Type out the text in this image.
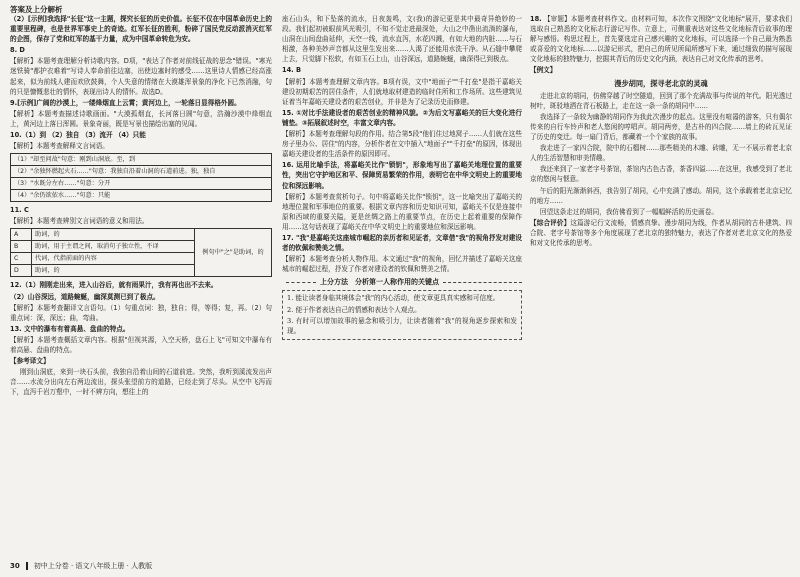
答案及上分解析

（2）[示例]我选择"长征"这一主题，探究长征的历史价值。长征不仅在中国革命历史上的重要里程碑，也是世界军事史上的奇迹。红军长征的胜利，粉碎了国民党反动派消灭红军的企图，保存了党和红军的基干力量，成为中国革命转危为安。

8. D

【解析】本题考查理解分析诗歌内容。D项，"表达了作者对前线征战的思念"错误。"寒光迷铁骑"都护衣难着"写诗人奉命前往边塞，出使边塞时的感受……这里诗人情感已经高涨起来，似为前线人建而欢欣鼓舞，个人失意的情绪在大漠雄浑景象的净化下已然消融，句的只是慷慨悲壮的情怀，表现出诗人的情怀。故选D。

9.[示例]广阔的沙漠上，一缕烽烟直上云霄；黄河边上，一轮落日显得格外圆。

【解析】本题考查描述诗歌画面。"大漠孤烟直，长河落日圆"句意，浩瀚沙漠中烽烟直上，黄河边上落日浑圆。景象奇丽，既是写景也描绘出塞的见闻。

10.（1）到 （2）独自 （3）流开 （4）只能

【解析】本题考查解释文言词语。

（1）"却至问故"句意：刚到山洞底。至，到
（2）"余独怀燃起火石……"句意：我独自沿着山洞的石道前进。独，独自
（3）"水既分左右……"句意：分开
（4）"余仍欲依水……"句意：只能

11. C

【解析】本题考查辨别文言词语的意义和用法。

A	助词，的	例句中"之"是助词，的
B	助词，用于主谓之间，取消句子独立性，不译	
C	代词，代指前面的内容	
D	助词，的	

12.（1）刚刚走出来，进入山谷后，就有雨果汁，我有再也出不去来。

（2）山谷深远，道路蜿蜒，幽深莫测已到了极点。

【解析】本题考查翻译文言语句。（1）句重点词：独，独自；得，等得；复，再。（2）句重点词：深，深远；曲，弯曲。

13. 文中的瀑布有着高悬、盘曲的特点。

【解析】本题考查概括文章内容。根据"但视其源，入空天桥，盘石上飞"可知文中瀑布有着高悬、盘曲的特点。

【参考译文】

刚到山洞底，来到一块石头前，我独自沿着山间的石道前进。突然，我听到溪流发出声音……水流分出向左右两边流出，探头张望前方的道路，已经走到了尽头。从空中飞泻而下，直泻千岩万壑中，一时不辨方向，想往上的

座石山头，和下坠落的流水，日夜轰鸣，文(我)的游记更是其中最奇异绝妙的一段。我们起初被眼前风光吸引，不知不觉走进最深处，大山之中凿出流淌的瀑布，山洞在山间盘曲延伸，天空一线，流水直泻，水花四溅，有如大地的内脏……与石相激，各种美妙声音都从这里生发出来……人渴了还能用水洗干净。从石缝中攀爬上去，只觉脚下松软，有如玉石上山，山谷深远，道路蜿蜒，幽深得已到极点。

14. B

【解析】本题考查理解文章内容。B项有误，文中"地面子""千打垒"是指干嘉峪关建设初期艰苦的居住条件，人们就地取材建造的临时住所和工作场所。这些建筑见证着当年嘉峪关建设者的艰苦创业，并非是为了记录历史而修建。

15. ①对比手法建设者的艰苦创业的精神风貌。②为后文写嘉峪关的巨大变化进行铺垫。③拓展叙述时空，丰富文章内容。

【解析】本题考查理解句段的作用。结合第5段"他们住过地窝子……人们就在这些房子里办公、居住"的内容，分析作者在文中插入"地面子""千打垒"的原因，体现出嘉峪关建设者的生活条件的原因即可。

16. 运用比喻手法，将嘉峪关比作"锁钥"，形象地写出了嘉峪关地理位置的重要性，突出它守护地区和平、保障贸易繁荣的作用，表明它在中华文明史上的重要地位和深远影响。

【解析】本题考查赏析句子。句中将嘉峪关比作"锁钥"，这一比喻突出了嘉峪关的地理位置和军事地位的重要。根据文章内容和历史知识可知，嘉峪关不仅是连接中原和西域的重要关隘，更是丝绸之路上的重要节点，在历史上起着重要的保障作用……这句话表现了嘉峪关在中华文明史上的重要地位和深远影响。

17. "我"是嘉峪关这座城市崛起的亲历者和见证者，文章借"我"的视角抒发对建设者的钦佩和赞美之情。

【解析】本题考查分析人物作用。本文通过"我"的视角，回忆并描述了嘉峪关这座城市的崛起过程，抒发了作者对建设者的钦佩和赞美之情。

上分方法　分析第一人称作用的关键点

1. 能让读者身临其境体会"我"的内心活动，使文章更具真实感和可信度。

2. 便于作者表达自己的情感和表达个人观点。

3. 有时可以增加故事的悬念和吸引力，让读者随着"我"的视角逐步探索和发现。

18. 【审题】本题考查材料作文。由材料可知，本次作文围绕"文化地标"展开，要求我们选取自己熟悉的文化标志行游记写作。立意上，可侧重表达对这些文化地标背后故事的理解与感悟。构思过程上，首先要选定自己感兴趣的文化地标，可以选择一个自己最为熟悉或喜爱的文化地标……以游记形式，把自己的所见所闻所感写下来，通过细致的描写展现文化地标的独特魅力，挖掘其背后的历史文化内涵，表达自己对文化传承的思考。

【例文】

漫步胡同，探寻老北京的灵魂

走进北京的胡同，仿佛穿越了时空隧道，回到了那个充满故事与传说的年代。阳光透过树叶，斑驳地洒在青石板路上，走在这一条一条的胡同中……

我选择了一条较为幽静的胡同作为我此次漫步的起点。这里没有喧嚣的游客，只有偶尔传来的自行车铃声和老人悠闲的哼唱声。胡同两旁，是古朴的四合院……墙上的砖瓦见证了历史的变迁。每一扇门背后，都藏着一个个家族的故事。

我走进了一家四合院，院中的石榴树……那些精美的木雕、砖雕，无一不展示着老北京人的生活智慧和审美情趣。

我还来到了一家老字号茶馆，茶馆内古色古香，茶香四溢……在这里，我感受到了老北京的悠闲与惬意。

午后的阳光渐渐斜西，我告别了胡同，心中充满了感动。胡同，这个承载着老北京记忆的地方……

回望这条走过的胡同，我仿佛看到了一幅幅鲜活的历史画卷。

【综合评价】这篇游记行文流畅，情感真挚。漫步胡同为线，作者从胡同的古朴建筑、四合院、老字号茶馆等多个角度展现了老北京的独特魅力，表达了作者对老北京文化的热爱和对文化传承的思考。

30 初中上分卷 · 语文八年级上册 · 人教版
